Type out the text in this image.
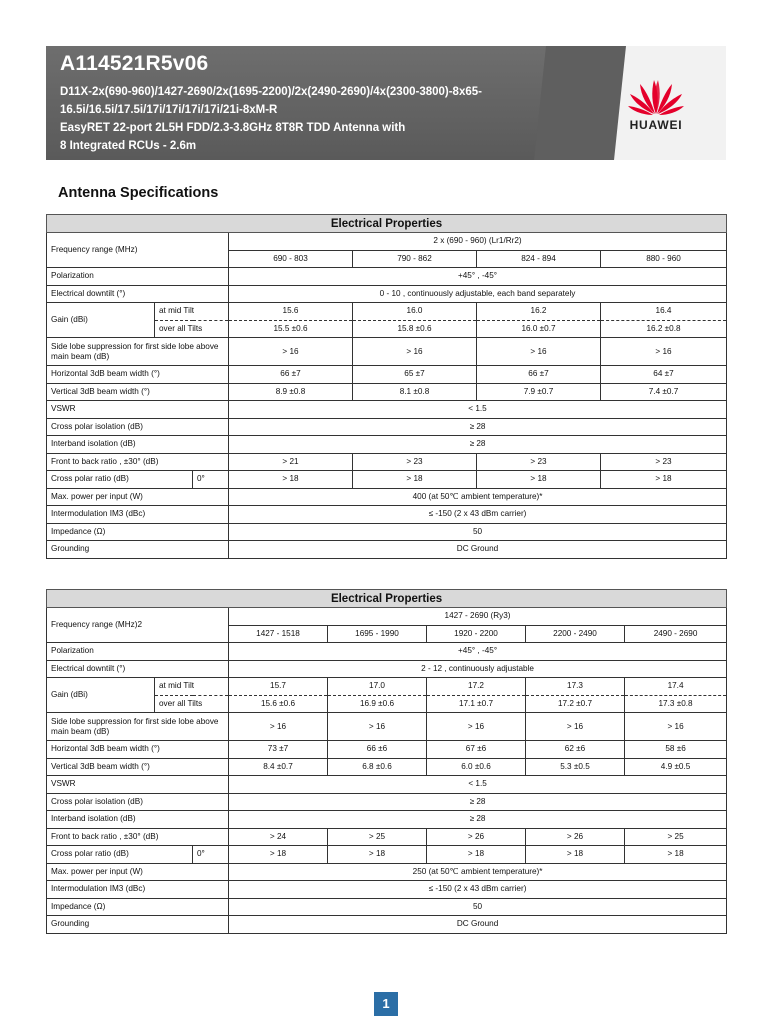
A114521R5v06
D11X-2x(690-960)/1427-2690/2x(1695-2200)/2x(2490-2690)/4x(2300-3800)-8x65-
16.5i/16.5i/17.5i/17i/17i/17i/17i/21i-8xM-R
EasyRET 22-port 2L5H FDD/2.3-3.8GHz 8T8R TDD Antenna with
8 Integrated RCUs - 2.6m
HUAWEI
Antenna Specifications
Electrical Properties						
Frequency range (MHz)			2 x (690 - 960) (Lr1/Rr2)			
			690 - 803	790 - 862	824 - 894	880 - 960
Polarization			+45° , -45°			
Electrical downtilt (°)			0 - 10 , continuously adjustable, each band separately			
Gain (dBi)	at mid Tilt		15.6	16.0	16.2	16.4
	over all Tilts		15.5 ±0.6	15.8 ±0.6	16.0 ±0.7	16.2 ±0.8
Side lobe suppression for first side lobe above main beam (dB)			> 16	> 16	> 16	> 16
Horizontal 3dB beam width (°)			66 ±7	65 ±7	66 ±7	64 ±7
Vertical 3dB beam width (°)			8.9 ±0.8	8.1 ±0.8	7.9 ±0.7	7.4 ±0.7
VSWR			< 1.5			
Cross polar isolation (dB)			≥ 28			
Interband isolation (dB)			≥ 28			
Front to back ratio , ±30° (dB)			> 21	> 23	> 23	> 23
Cross polar ratio (dB)		0°	> 18	> 18	> 18	> 18
Max. power per input (W)			400 (at 50℃ ambient temperature)*			
Intermodulation IM3 (dBc)			≤ -150 (2 x 43 dBm carrier)			
Impedance (Ω)			50			
Grounding			DC Ground			
Electrical Properties							
Frequency range (MHz)2			1427 - 2690 (Ry3)				
			1427 - 1518	1695 - 1990	1920 - 2200	2200 - 2490	2490 - 2690
Polarization			+45° , -45°				
Electrical downtilt (°)			2 - 12 , continuously adjustable				
Gain (dBi)	at mid Tilt		15.7	17.0	17.2	17.3	17.4
	over all Tilts		15.6 ±0.6	16.9 ±0.6	17.1 ±0.7	17.2 ±0.7	17.3 ±0.8
Side lobe suppression for first side lobe above main beam (dB)			> 16	> 16	> 16	> 16	> 16
Horizontal 3dB beam width (°)			73 ±7	66 ±6	67 ±6	62 ±6	58 ±6
Vertical 3dB beam width (°)			8.4 ±0.7	6.8 ±0.6	6.0 ±0.6	5.3 ±0.5	4.9 ±0.5
VSWR			< 1.5				
Cross polar isolation (dB)			≥ 28				
Interband isolation (dB)			≥ 28				
Front to back ratio , ±30° (dB)			> 24	> 25	> 26	> 26	> 25
Cross polar ratio (dB)		0°	> 18	> 18	> 18	> 18	> 18
Max. power per input (W)			250 (at 50℃ ambient temperature)*				
Intermodulation IM3 (dBc)			≤ -150 (2 x 43 dBm carrier)				
Impedance (Ω)			50				
Grounding			DC Ground				
1
